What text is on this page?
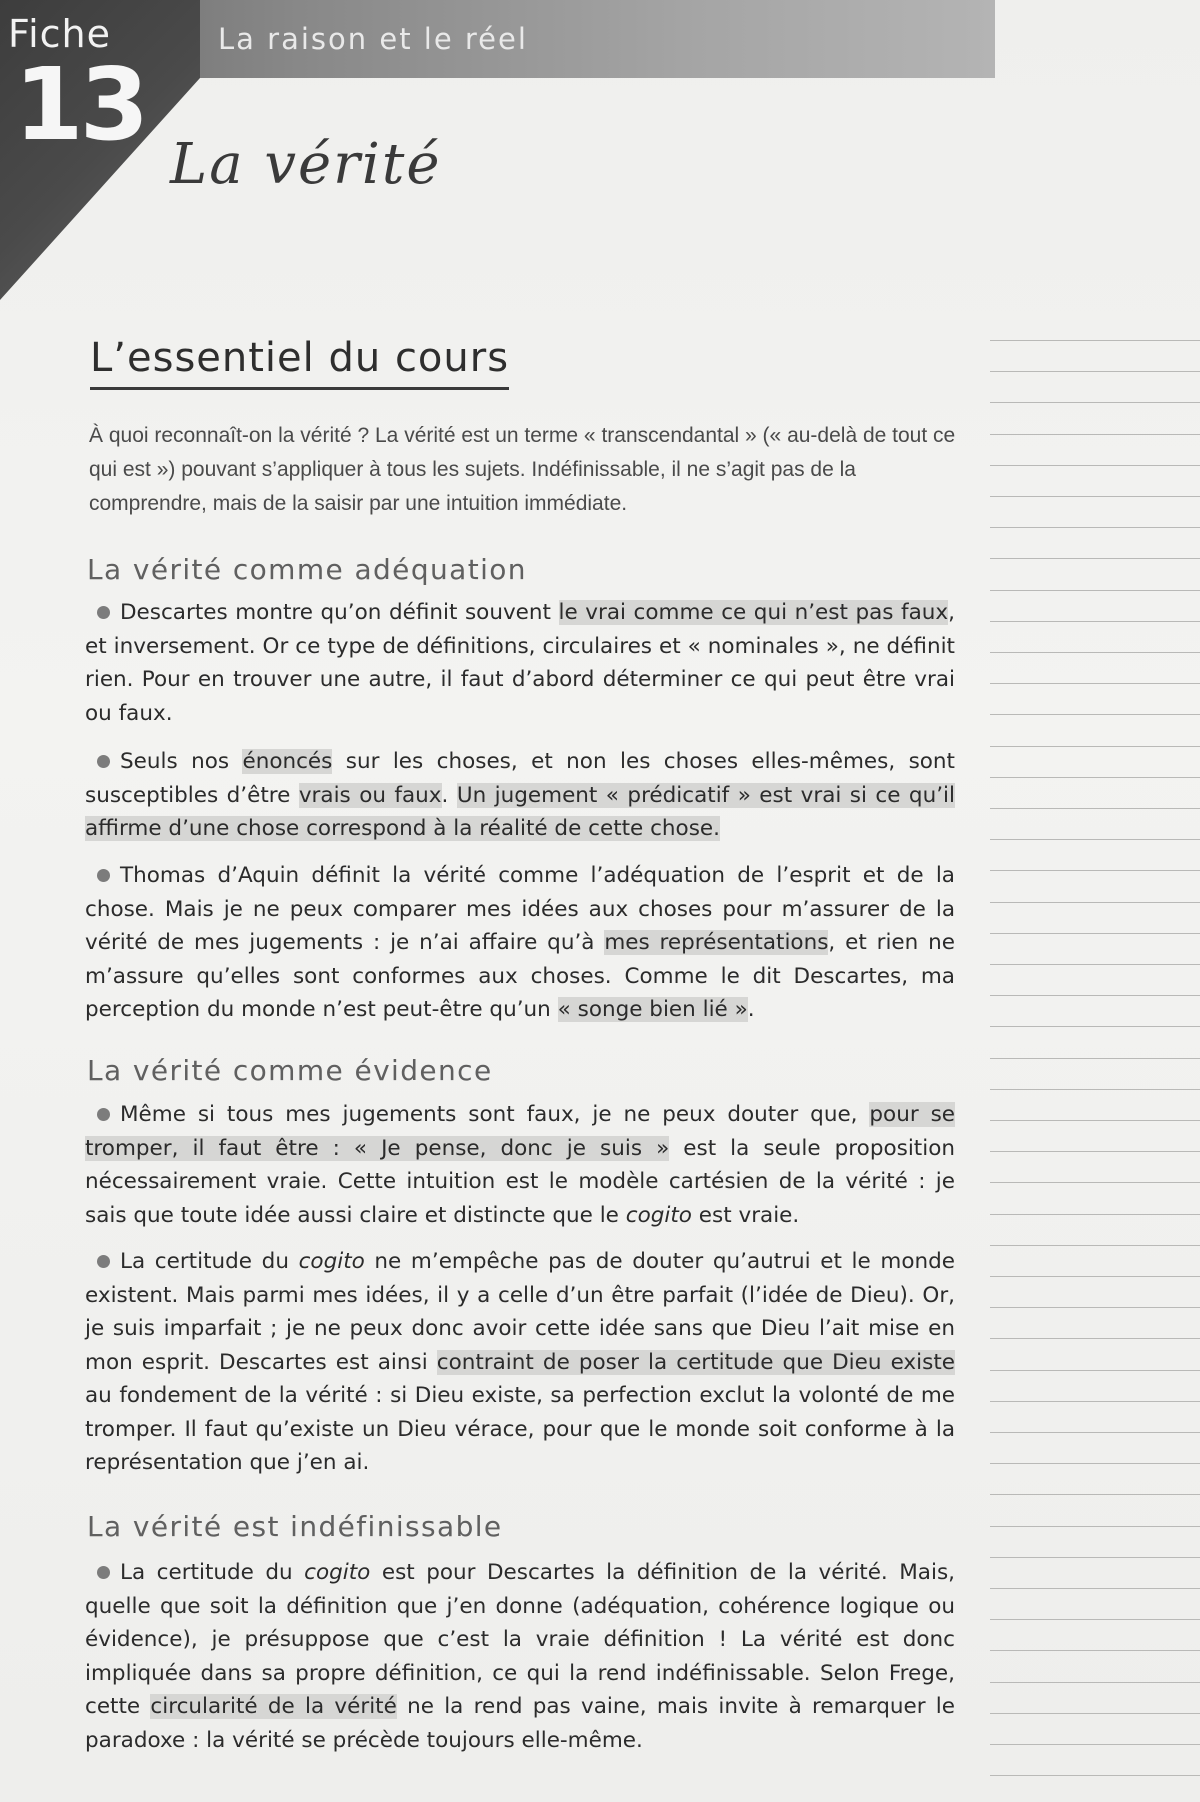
Fiche
13
La raison et le réel
La vérité
L’essentiel du cours

À quoi reconnaît-on la vérité ? La vérité est un terme « transcendantal » (« au-delà de tout ce qui est ») pouvant s’appliquer à tous les sujets. Indéfinissable, il ne s’agit pas de la comprendre, mais de la saisir par une intuition immédiate.

La vérité comme adéquation

Descartes montre qu’on définit souvent le vrai comme ce qui n’est pas faux, et inversement. Or ce type de définitions, circulaires et « nominales », ne définit rien. Pour en trouver une autre, il faut d’abord déterminer ce qui peut être vrai ou faux.

Seuls nos énoncés sur les choses, et non les choses elles-mêmes, sont susceptibles d’être vrais ou faux. Un jugement « prédicatif » est vrai si ce qu’il affirme d’une chose correspond à la réalité de cette chose.

Thomas d’Aquin définit la vérité comme l’adéquation de l’esprit et de la chose. Mais je ne peux comparer mes idées aux choses pour m’assurer de la vérité de mes jugements : je n’ai affaire qu’à mes représentations, et rien ne m’assure qu’elles sont conformes aux choses. Comme le dit Descartes, ma perception du monde n’est peut-être qu’un « songe bien lié ».

La vérité comme évidence

Même si tous mes jugements sont faux, je ne peux douter que, pour se tromper, il faut être : « Je pense, donc je suis » est la seule proposition nécessairement vraie. Cette intuition est le modèle cartésien de la vérité : je sais que toute idée aussi claire et distincte que le cogito est vraie.

La certitude du cogito ne m’empêche pas de douter qu’autrui et le monde existent. Mais parmi mes idées, il y a celle d’un être parfait (l’idée de Dieu). Or, je suis imparfait ; je ne peux donc avoir cette idée sans que Dieu l’ait mise en mon esprit. Descartes est ainsi contraint de poser la certitude que Dieu existe au fondement de la vérité : si Dieu existe, sa perfection exclut la volonté de me tromper. Il faut qu’existe un Dieu vérace, pour que le monde soit conforme à la représentation que j’en ai.

La vérité est indéfinissable

La certitude du cogito est pour Descartes la définition de la vérité. Mais, quelle que soit la définition que j’en donne (adéquation, cohérence logique ou évidence), je présuppose que c’est la vraie définition ! La vérité est donc impliquée dans sa propre définition, ce qui la rend indéfinissable. Selon Frege, cette circularité de la vérité ne la rend pas vaine, mais invite à remarquer le paradoxe : la vérité se précède toujours elle-même.
